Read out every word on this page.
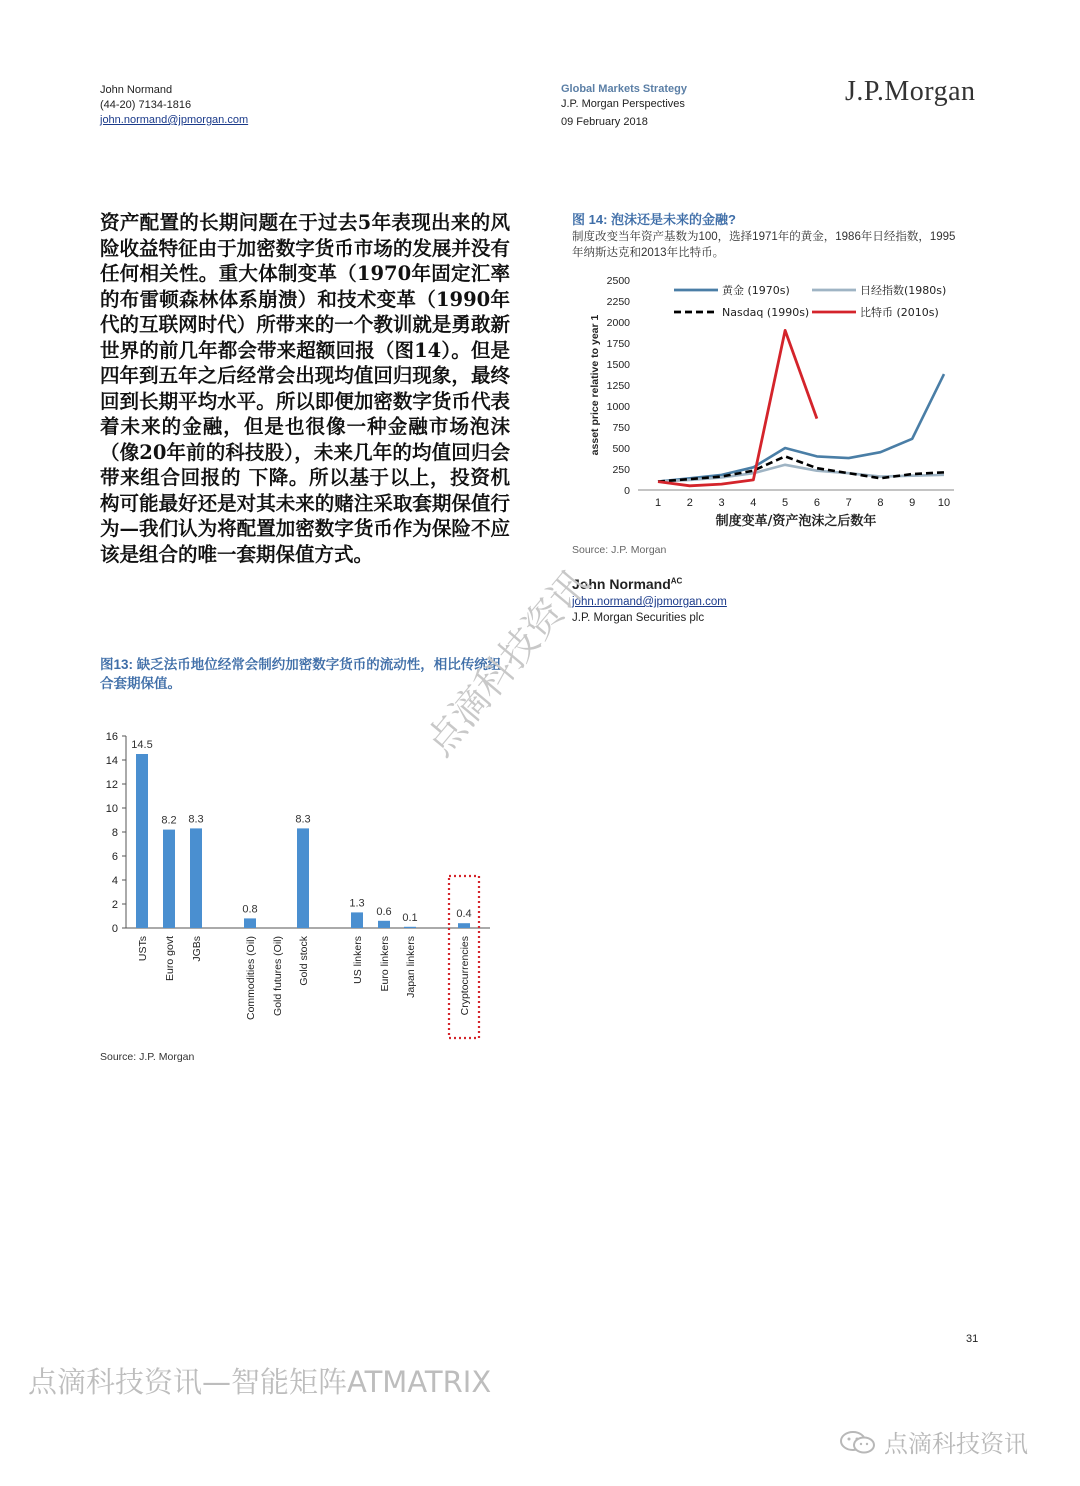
John Normand
(44-20) 7134-1816
john.normand@jpmorgan.com
Global Markets Strategy
J.P. Morgan Perspectives
09 February 2018
J.P.Morgan
资产配置的长期问题在于过去5年表现出来的风险收益特征由于加密数字货币市场的发展并没有任何相关性。重大体制变革（1970年固定汇率的布雷顿森林体系崩溃）和技术变革（1990年代的互联网时代）所带来的一个教训就是勇敢新世界的前几年都会带来超额回报（图14）。但是四年到五年之后经常会出现均值回归现象，最终回到长期平均水平。所以即便加密数字货币代表着未来的金融，但是也很像一种金融市场泡沫（像20年前的科技股），未来几年的均值回归会带来组合回报的 下降。所以基于以上，投资机构可能最好还是对其未来的赌注采取套期保值行为—我们认为将配置加密数字货币作为保险不应该是组合的唯一套期保值方式。
图 14: 泡沫还是未来的金融?
制度改变当年资产基数为100，选择1971年的黄金，1986年日经指数，1995年纳斯达克和2013年比特币。
0
250
500
750
1000
1250
1500
1750
2000
2250
2500
1 2 3 4 5 6 7 8 9 10
制度变革/资产泡沫之后数年
asset price relative to year 1
黄金 (1970s)	日经指数(1980s)
Nasdaq (1990s)	比特币 (2010s)
Source: J.P. Morgan
John Normand$^{AC}$
john.normand@jpmorgan.com
J.P. Morgan Securities plc
图13: 缺乏法币地位经常会制约加密数字货币的流动性，相比传统组合套期保值。
0
2
4
6
8
10
12
14
16
14.5
USTs
8.2
Euro govt
8.3
JGBs
0.8
Commodities (Oil) Gold futures (Oil)
8.3
Gold stock
1.3
US linkers
0.6
Euro linkers
0.1
Japan linkers
0.4
Cryptocurrencies
Source: J.P. Morgan
31
点滴科技资讯
点滴科技资讯—智能矩阵ATMATRIX
点滴科技资讯
